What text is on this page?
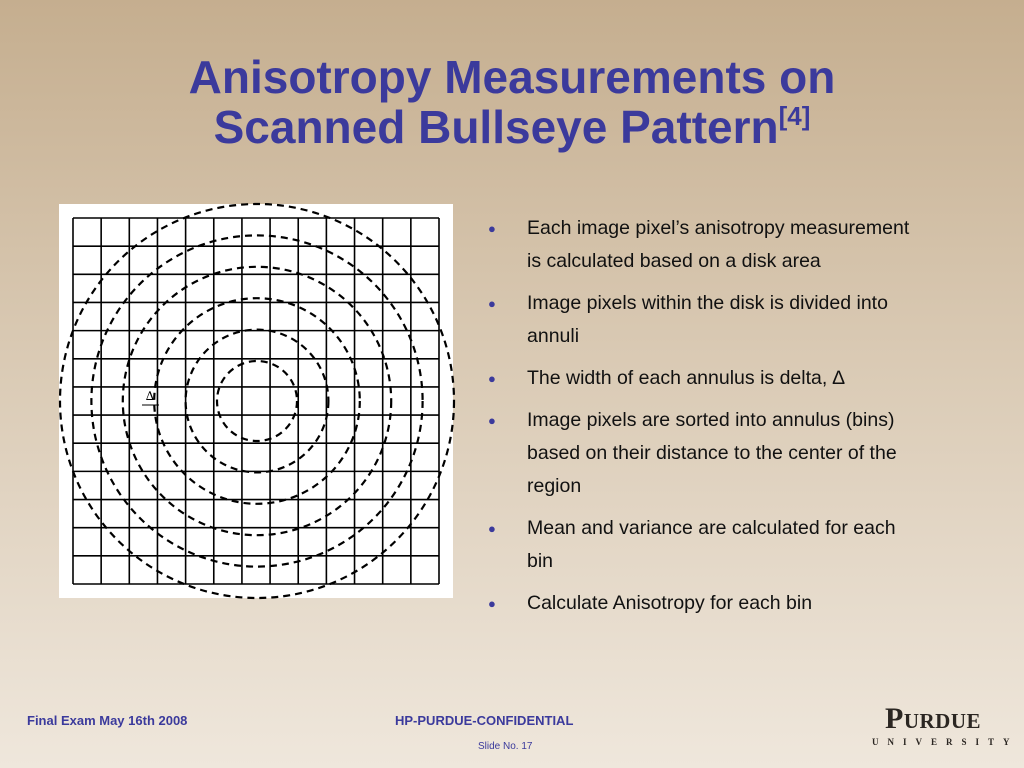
Anisotropy Measurements on
Scanned Bullseye Pattern[4]
∆
● Each image pixel’s anisotropy measurement is calculated based on a disk area
● Image pixels within the disk is divided into annuli
● The width of each annulus is delta, ∆
● Image pixels are sorted into annulus (bins) based on their distance to the center of the region
● Mean and variance are calculated for each bin
● Calculate Anisotropy for each bin
Final Exam May 16th 2008	HP-PURDUE-CONFIDENTIAL
Slide No. 17
Purdue
UNIVERSITY
